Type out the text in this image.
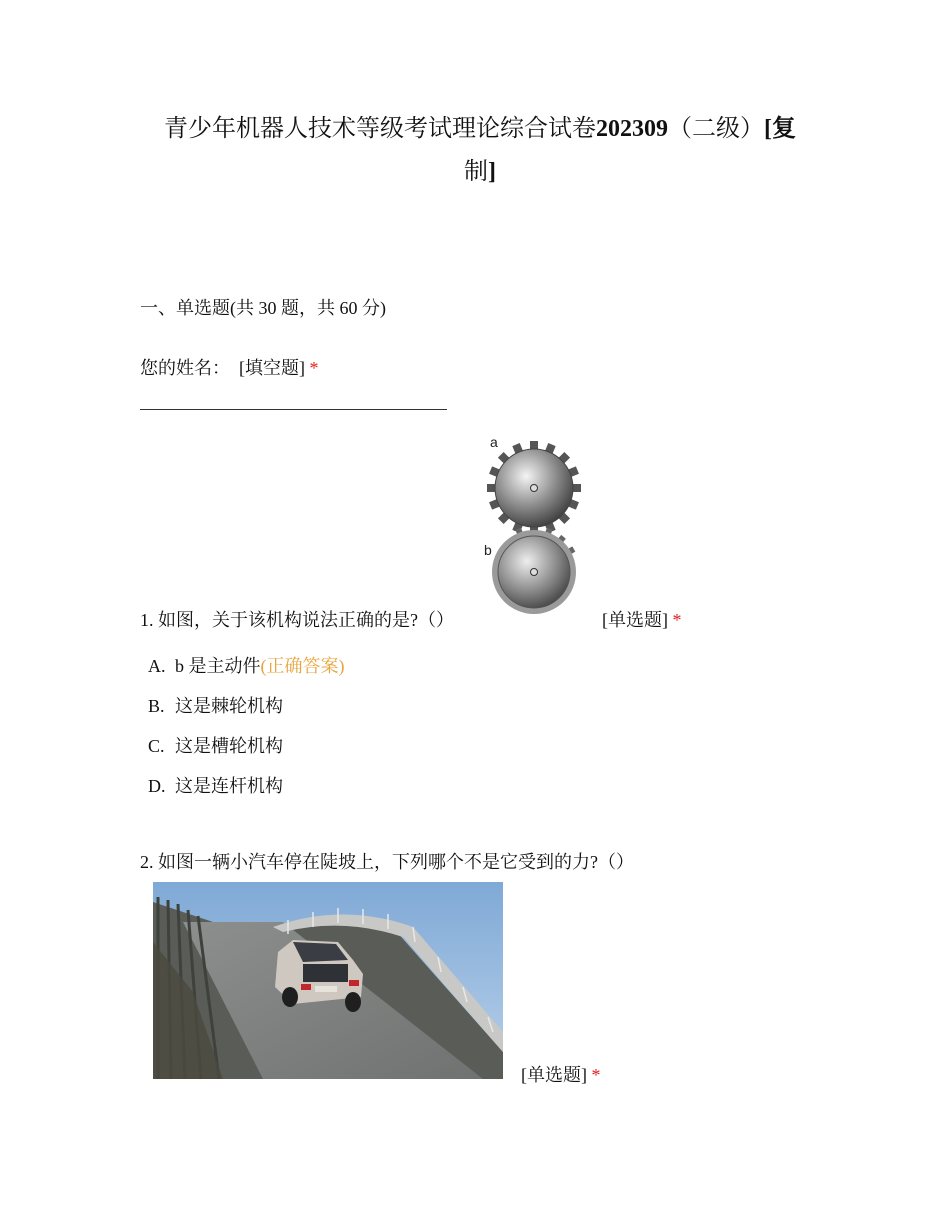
青少年机器人技术等级考试理论综合试卷202309（二级）[复
制]
一、单选题(共 30 题，共 60 分)
您的姓名： [填空题] *
a
b
1. 如图，关于该机构说法正确的是?（）	[单选题] *
A. b 是主动件(正确答案)
B. 这是棘轮机构
C. 这是槽轮机构
D. 这是连杆机构
2. 如图一辆小汽车停在陡坡上，下列哪个不是它受到的力?（）
[单选题] *
